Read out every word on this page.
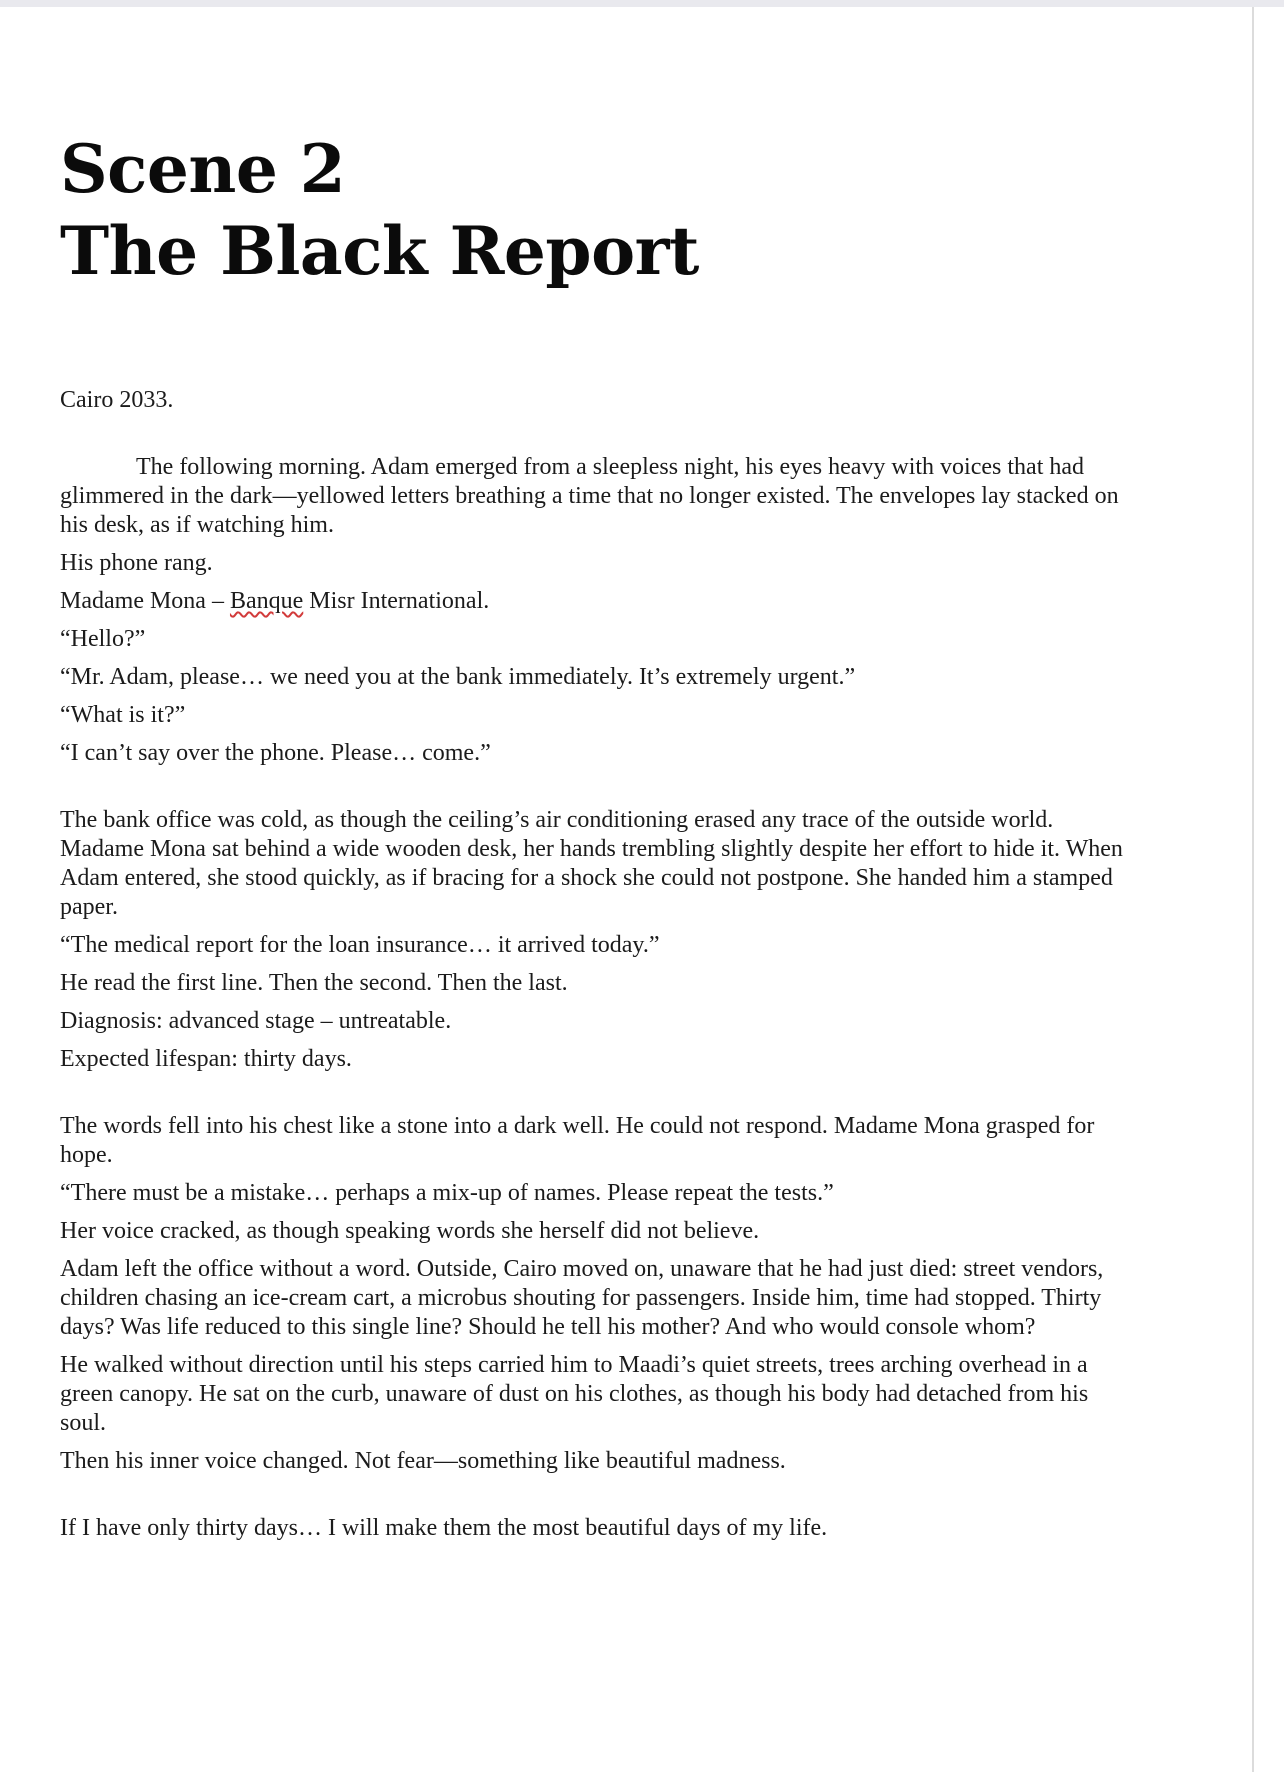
Scene 2
The Black Report

Cairo 2033.

The following morning. Adam emerged from a sleepless night, his eyes heavy with voices that had glimmered in the dark—yellowed letters breathing a time that no longer existed. The envelopes lay stacked on his desk, as if watching him.

His phone rang.

Madame Mona – Banque Misr International.

“Hello?”

“Mr. Adam, please… we need you at the bank immediately. It’s extremely urgent.”

“What is it?”

“I can’t say over the phone. Please… come.”

The bank office was cold, as though the ceiling’s air conditioning erased any trace of the outside world. Madame Mona sat behind a wide wooden desk, her hands trembling slightly despite her effort to hide it. When Adam entered, she stood quickly, as if bracing for a shock she could not postpone. She handed him a stamped paper.

“The medical report for the loan insurance… it arrived today.”

He read the first line. Then the second. Then the last.

Diagnosis: advanced stage – untreatable.

Expected lifespan: thirty days.

The words fell into his chest like a stone into a dark well. He could not respond. Madame Mona grasped for hope.

“There must be a mistake… perhaps a mix-up of names. Please repeat the tests.”

Her voice cracked, as though speaking words she herself did not believe.

Adam left the office without a word. Outside, Cairo moved on, unaware that he had just died: street vendors, children chasing an ice-cream cart, a microbus shouting for passengers. Inside him, time had stopped. Thirty days? Was life reduced to this single line? Should he tell his mother? And who would console whom?

He walked without direction until his steps carried him to Maadi’s quiet streets, trees arching overhead in a green canopy. He sat on the curb, unaware of dust on his clothes, as though his body had detached from his soul.

Then his inner voice changed. Not fear—something like beautiful madness.

If I have only thirty days… I will make them the most beautiful days of my life.
